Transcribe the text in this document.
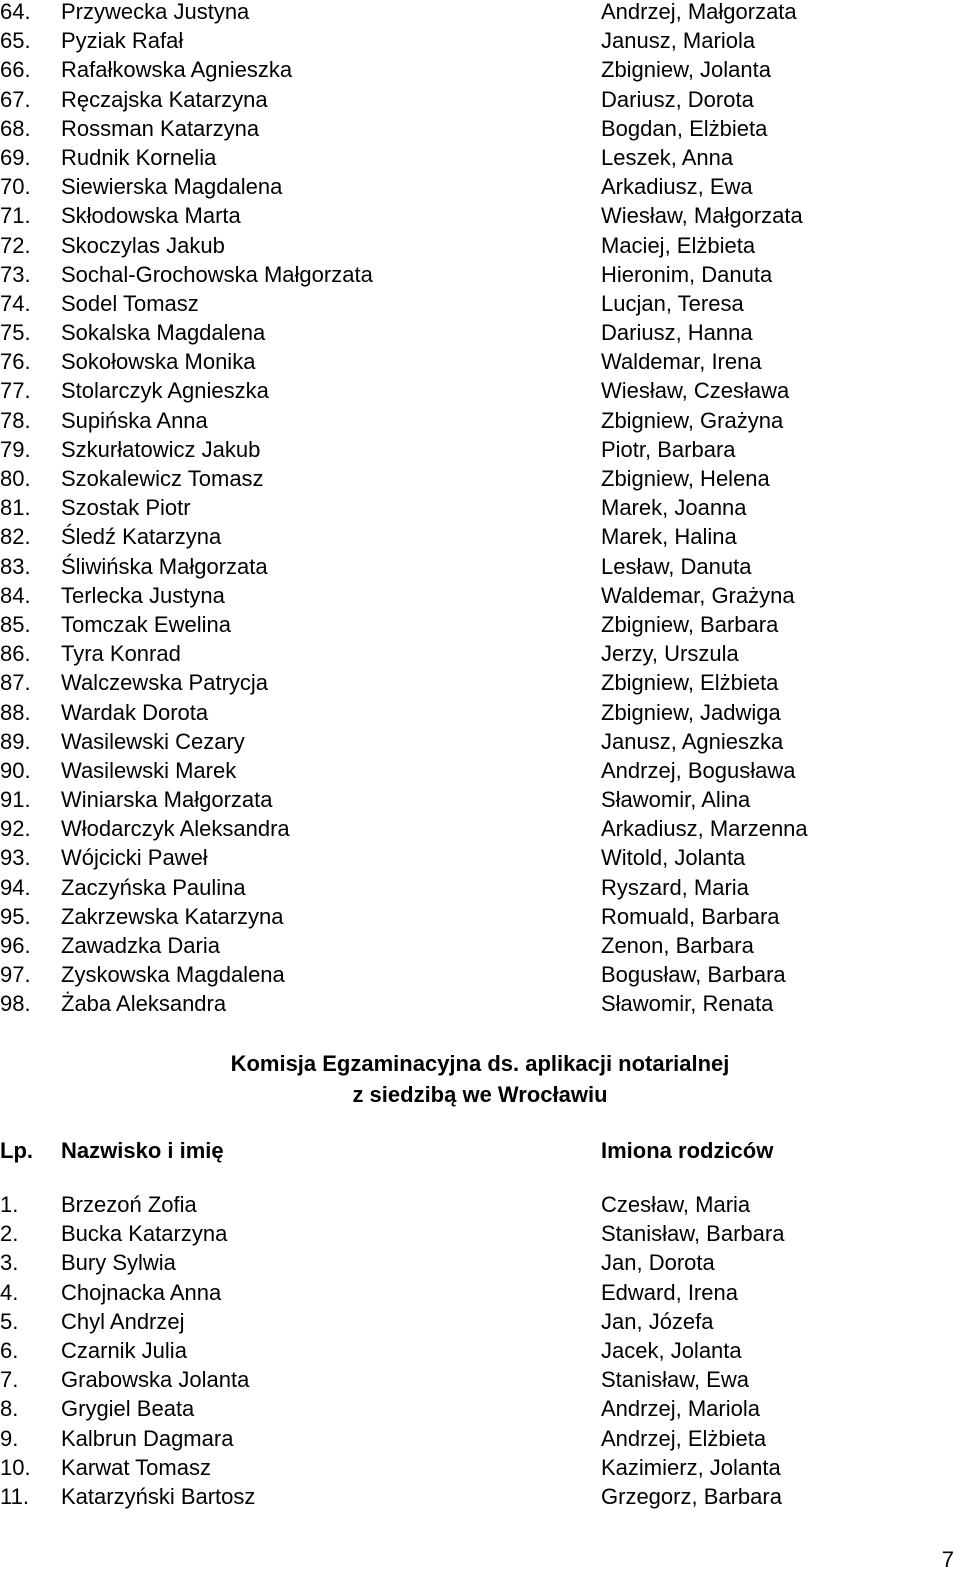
64. Przywecka Justyna	Andrzej, Małgorzata
65. Pyziak Rafał	Janusz, Mariola
66. Rafałkowska Agnieszka	Zbigniew, Jolanta
67. Ręczajska Katarzyna	Dariusz, Dorota
68. Rossman Katarzyna	Bogdan, Elżbieta
69. Rudnik Kornelia	Leszek, Anna
70. Siewierska Magdalena	Arkadiusz, Ewa
71. Skłodowska Marta	Wiesław, Małgorzata
72. Skoczylas Jakub	Maciej, Elżbieta
73. Sochal-Grochowska Małgorzata	Hieronim, Danuta
74. Sodel Tomasz	Lucjan, Teresa
75. Sokalska Magdalena	Dariusz, Hanna
76. Sokołowska Monika	Waldemar, Irena
77. Stolarczyk Agnieszka	Wiesław, Czesława
78. Supińska Anna	Zbigniew, Grażyna
79. Szkurłatowicz Jakub	Piotr, Barbara
80. Szokalewicz Tomasz	Zbigniew, Helena
81. Szostak Piotr	Marek, Joanna
82. Śledź Katarzyna	Marek, Halina
83. Śliwińska Małgorzata	Lesław, Danuta
84. Terlecka Justyna	Waldemar, Grażyna
85. Tomczak Ewelina	Zbigniew, Barbara
86. Tyra Konrad	Jerzy, Urszula
87. Walczewska Patrycja	Zbigniew, Elżbieta
88. Wardak Dorota	Zbigniew, Jadwiga
89. Wasilewski Cezary	Janusz, Agnieszka
90. Wasilewski Marek	Andrzej, Bogusława
91. Winiarska Małgorzata	Sławomir, Alina
92. Włodarczyk Aleksandra	Arkadiusz, Marzenna
93. Wójcicki Paweł	Witold, Jolanta
94. Zaczyńska Paulina	Ryszard, Maria
95. Zakrzewska Katarzyna	Romuald, Barbara
96. Zawadzka Daria	Zenon, Barbara
97. Zyskowska Magdalena	Bogusław, Barbara
98. Żaba Aleksandra	Sławomir, Renata
Komisja Egzaminacyjna ds. aplikacji notarialnej
z siedzibą we Wrocławiu
Lp. Nazwisko i imię	Imiona rodziców
1. Brzezoń Zofia	Czesław, Maria
2. Bucka Katarzyna	Stanisław, Barbara
3. Bury Sylwia	Jan, Dorota
4. Chojnacka Anna	Edward, Irena
5. Chyl Andrzej	Jan, Józefa
6. Czarnik Julia	Jacek, Jolanta
7. Grabowska Jolanta	Stanisław, Ewa
8. Grygiel Beata	Andrzej, Mariola
9. Kalbrun Dagmara	Andrzej, Elżbieta
10. Karwat Tomasz	Kazimierz, Jolanta
11. Katarzyński Bartosz	Grzegorz, Barbara
7
